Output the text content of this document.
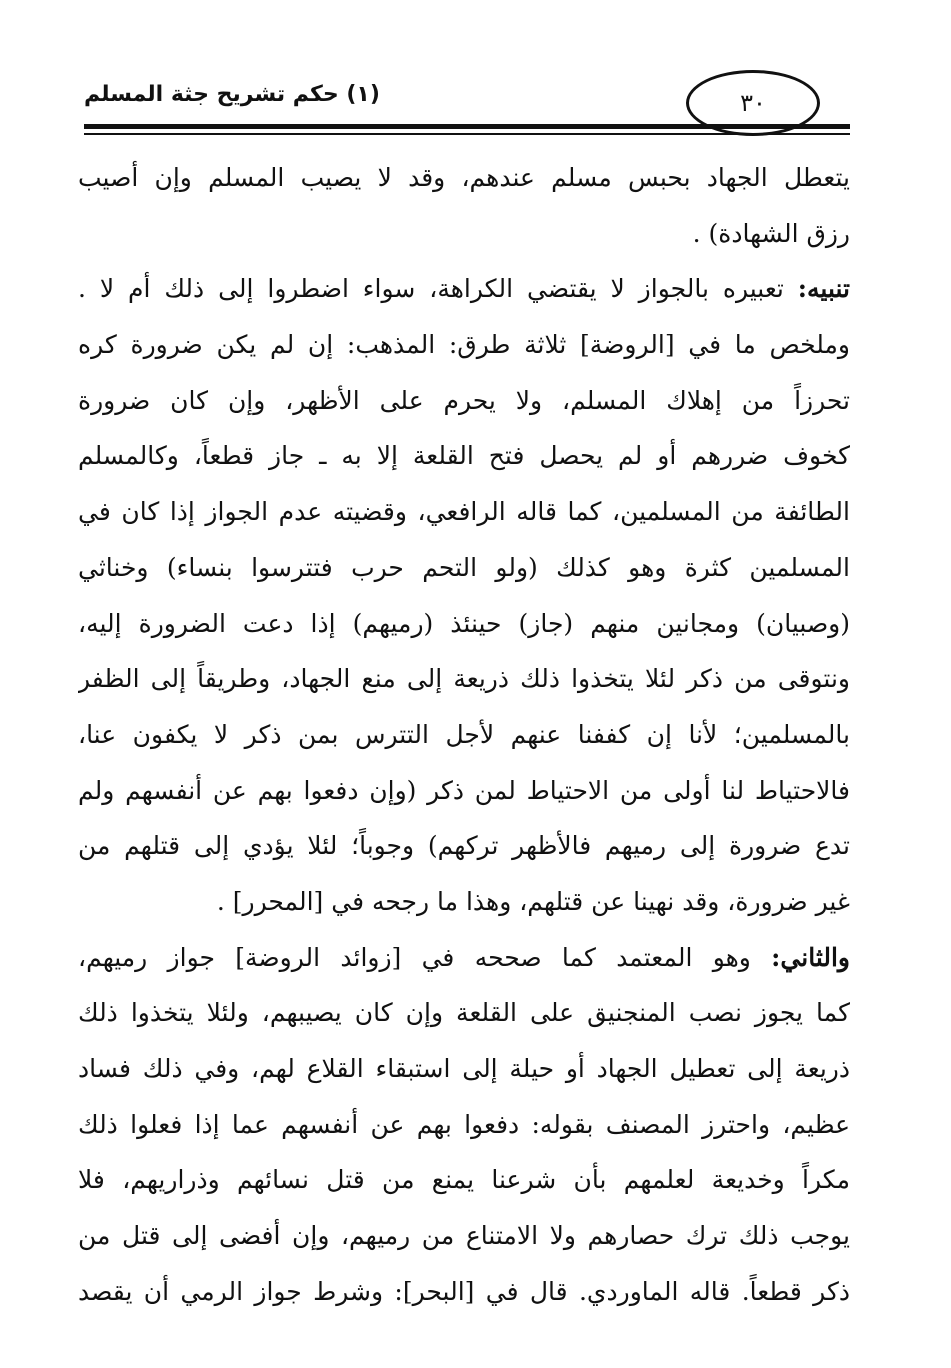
(١) حكم تشريح جثة المسلم	٣٠
يتعطل الجهاد بحبس مسلم عندهم، وقد لا يصيب المسلم وإن أصيب
رزق الشهادة) .
تنبيه: تعبيره بالجواز لا يقتضي الكراهة، سواء اضطروا إلى ذلك أم لا .
وملخص ما في [الروضة] ثلاثة طرق: المذهب: إن لم يكن ضرورة كره
تحرزاً من إهلاك المسلم، ولا يحرم على الأظهر، وإن كان ضرورة
كخوف ضررهم أو لم يحصل فتح القلعة إلا به ـ جاز قطعاً، وكالمسلم
الطائفة من المسلمين، كما قاله الرافعي، وقضيته عدم الجواز إذا كان في
المسلمين كثرة وهو كذلك (ولو التحم حرب فتترسوا بنساء) وخناثي
(وصبيان) ومجانين منهم (جاز) حينئذ (رميهم) إذا دعت الضرورة إليه،
ونتوقى من ذكر لئلا يتخذوا ذلك ذريعة إلى منع الجهاد، وطريقاً إلى الظفر
بالمسلمين؛ لأنا إن كففنا عنهم لأجل التترس بمن ذكر لا يكفون عنا،
فالاحتياط لنا أولى من الاحتياط لمن ذكر (وإن دفعوا بهم عن أنفسهم ولم
تدع ضرورة إلى رميهم فالأظهر تركهم) وجوباً؛ لئلا يؤدي إلى قتلهم من
غير ضرورة، وقد نهينا عن قتلهم، وهذا ما رجحه في [المحرر] .
والثاني: وهو المعتمد كما صححه في [زوائد الروضة] جواز رميهم،
كما يجوز نصب المنجنيق على القلعة وإن كان يصيبهم، ولئلا يتخذوا ذلك
ذريعة إلى تعطيل الجهاد أو حيلة إلى استبقاء القلاع لهم، وفي ذلك فساد
عظيم، واحترز المصنف بقوله: دفعوا بهم عن أنفسهم عما إذا فعلوا ذلك
مكراً وخديعة لعلمهم بأن شرعنا يمنع من قتل نسائهم وذراريهم، فلا
يوجب ذلك ترك حصارهم ولا الامتناع من رميهم، وإن أفضى إلى قتل من
ذكر قطعاً. قاله الماوردي. قال في [البحر]: وشرط جواز الرمي أن يقصد
